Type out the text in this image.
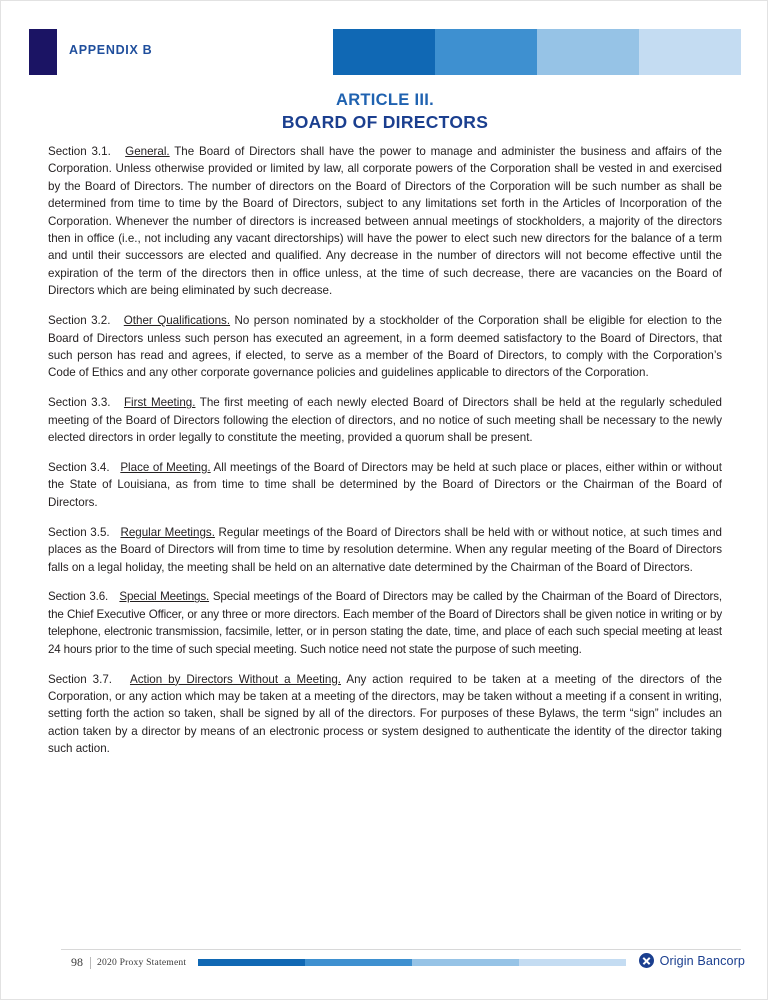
APPENDIX B
ARTICLE III.
BOARD OF DIRECTORS

Section 3.1. General. The Board of Directors shall have the power to manage and administer the business and affairs of the Corporation. Unless otherwise provided or limited by law, all corporate powers of the Corporation shall be vested in and exercised by the Board of Directors. The number of directors on the Board of Directors of the Corporation will be such number as shall be determined from time to time by the Board of Directors, subject to any limitations set forth in the Articles of Incorporation of the Corporation. Whenever the number of directors is increased between annual meetings of stockholders, a majority of the directors then in office (i.e., not including any vacant directorships) will have the power to elect such new directors for the balance of a term and until their successors are elected and qualified. Any decrease in the number of directors will not become effective until the expiration of the term of the directors then in office unless, at the time of such decrease, there are vacancies on the Board of Directors which are being eliminated by such decrease.

Section 3.2. Other Qualifications. No person nominated by a stockholder of the Corporation shall be eligible for election to the Board of Directors unless such person has executed an agreement, in a form deemed satisfactory to the Board of Directors, that such person has read and agrees, if elected, to serve as a member of the Board of Directors, to comply with the Corporation’s Code of Ethics and any other corporate governance policies and guidelines applicable to directors of the Corporation.

Section 3.3. First Meeting. The first meeting of each newly elected Board of Directors shall be held at the regularly scheduled meeting of the Board of Directors following the election of directors, and no notice of such meeting shall be necessary to the newly elected directors in order legally to constitute the meeting, provided a quorum shall be present.

Section 3.4. Place of Meeting. All meetings of the Board of Directors may be held at such place or places, either within or without the State of Louisiana, as from time to time shall be determined by the Board of Directors or the Chairman of the Board of Directors.

Section 3.5. Regular Meetings. Regular meetings of the Board of Directors shall be held with or without notice, at such times and places as the Board of Directors will from time to time by resolution determine. When any regular meeting of the Board of Directors falls on a legal holiday, the meeting shall be held on an alternative date determined by the Chairman of the Board of Directors.

Section 3.6. Special Meetings. Special meetings of the Board of Directors may be called by the Chairman of the Board of Directors, the Chief Executive Officer, or any three or more directors. Each member of the Board of Directors shall be given notice in writing or by telephone, electronic transmission, facsimile, letter, or in person stating the date, time, and place of each such special meeting at least 24 hours prior to the time of such special meeting. Such notice need not state the purpose of such meeting.

Section 3.7. Action by Directors Without a Meeting. Any action required to be taken at a meeting of the directors of the Corporation, or any action which may be taken at a meeting of the directors, may be taken without a meeting if a consent in writing, setting forth the action so taken, shall be signed by all of the directors. For purposes of these Bylaws, the term “sign” includes an action taken by a director by means of an electronic process or system designed to authenticate the identity of the director taking such action.

98 2020 Proxy Statement	Origin Bancorp
